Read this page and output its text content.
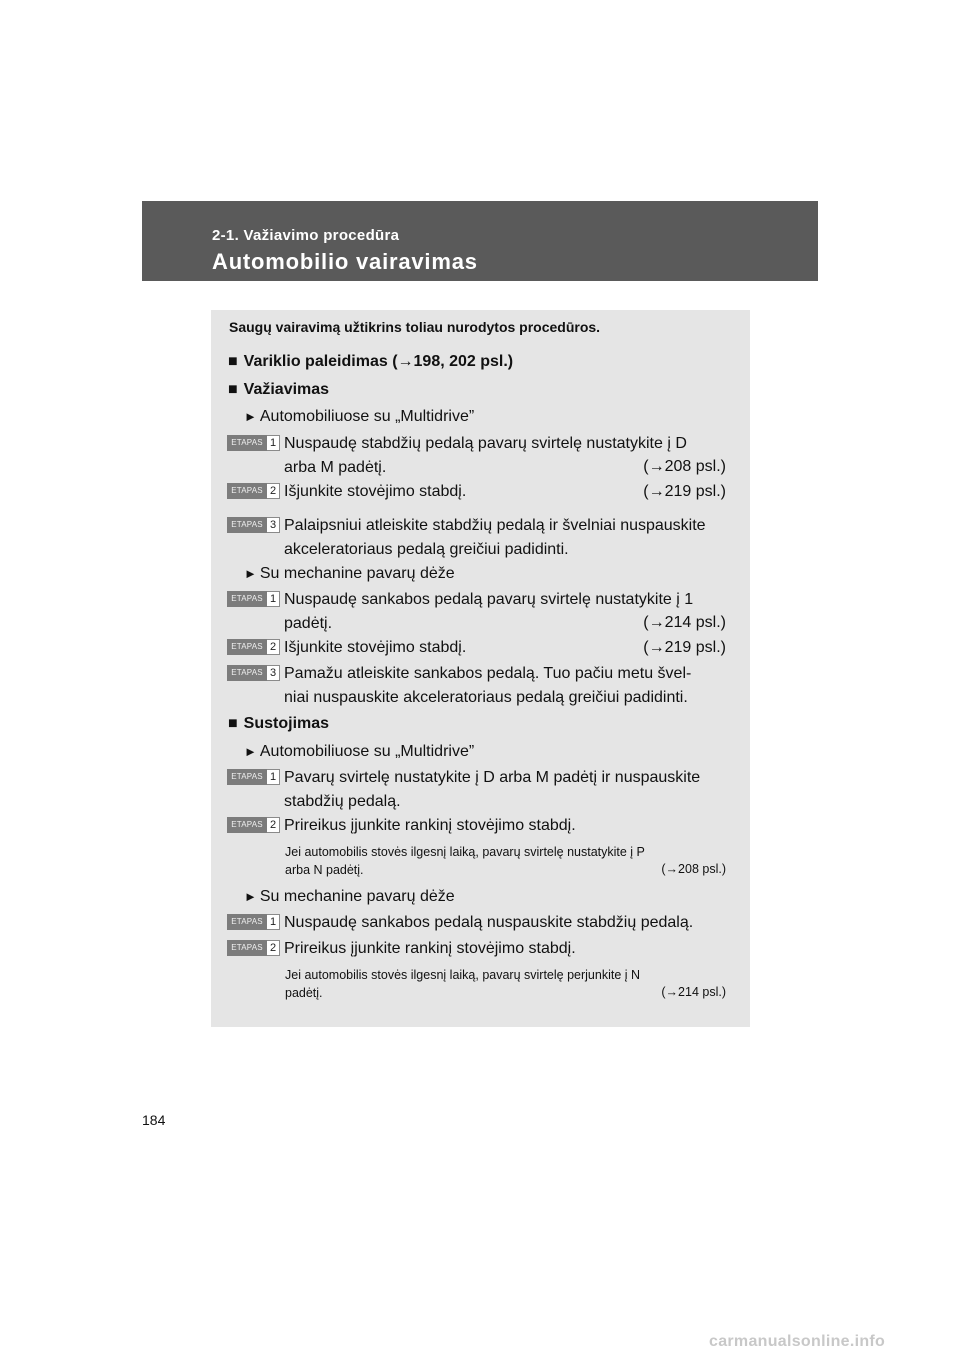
2-1. Važiavimo procedūra
Automobilio vairavimas
Saugų vairavimą užtikrins toliau nurodytos procedūros.
■ Variklio paleidimas (→198, 202 psl.)
■ Važiavimas
► Automobiliuose su „Multidrive”
ETAPAS 1 Nuspaudę stabdžių pedalą pavarų svirtelę nustatykite į D
arba M padėtį.	(→208 psl.)
ETAPAS 2 Išjunkite stovėjimo stabdį.	(→219 psl.)
ETAPAS 3 Palaipsniui atleiskite stabdžių pedalą ir švelniai nuspauskite
akceleratoriaus pedalą greičiui padidinti.
► Su mechanine pavarų dėže
ETAPAS 1 Nuspaudę sankabos pedalą pavarų svirtelę nustatykite į 1
padėtį.	(→214 psl.)
ETAPAS 2 Išjunkite stovėjimo stabdį.	(→219 psl.)
ETAPAS 3 Pamažu atleiskite sankabos pedalą. Tuo pačiu metu švel-
niai nuspauskite akceleratoriaus pedalą greičiui padidinti.
■ Sustojimas
► Automobiliuose su „Multidrive”
ETAPAS 1 Pavarų svirtelę nustatykite į D arba M padėtį ir nuspauskite
stabdžių pedalą.
ETAPAS 2 Prireikus įjunkite rankinį stovėjimo stabdį.
Jei automobilis stovės ilgesnį laiką, pavarų svirtelę nustatykite į P
arba N padėtį.	(→208 psl.)
► Su mechanine pavarų dėže
ETAPAS 1 Nuspaudę sankabos pedalą nuspauskite stabdžių pedalą.
ETAPAS 2 Prireikus įjunkite rankinį stovėjimo stabdį.
Jei automobilis stovės ilgesnį laiką, pavarų svirtelę perjunkite į N
padėtį.	(→214 psl.)
184
carmanualsonline.info
